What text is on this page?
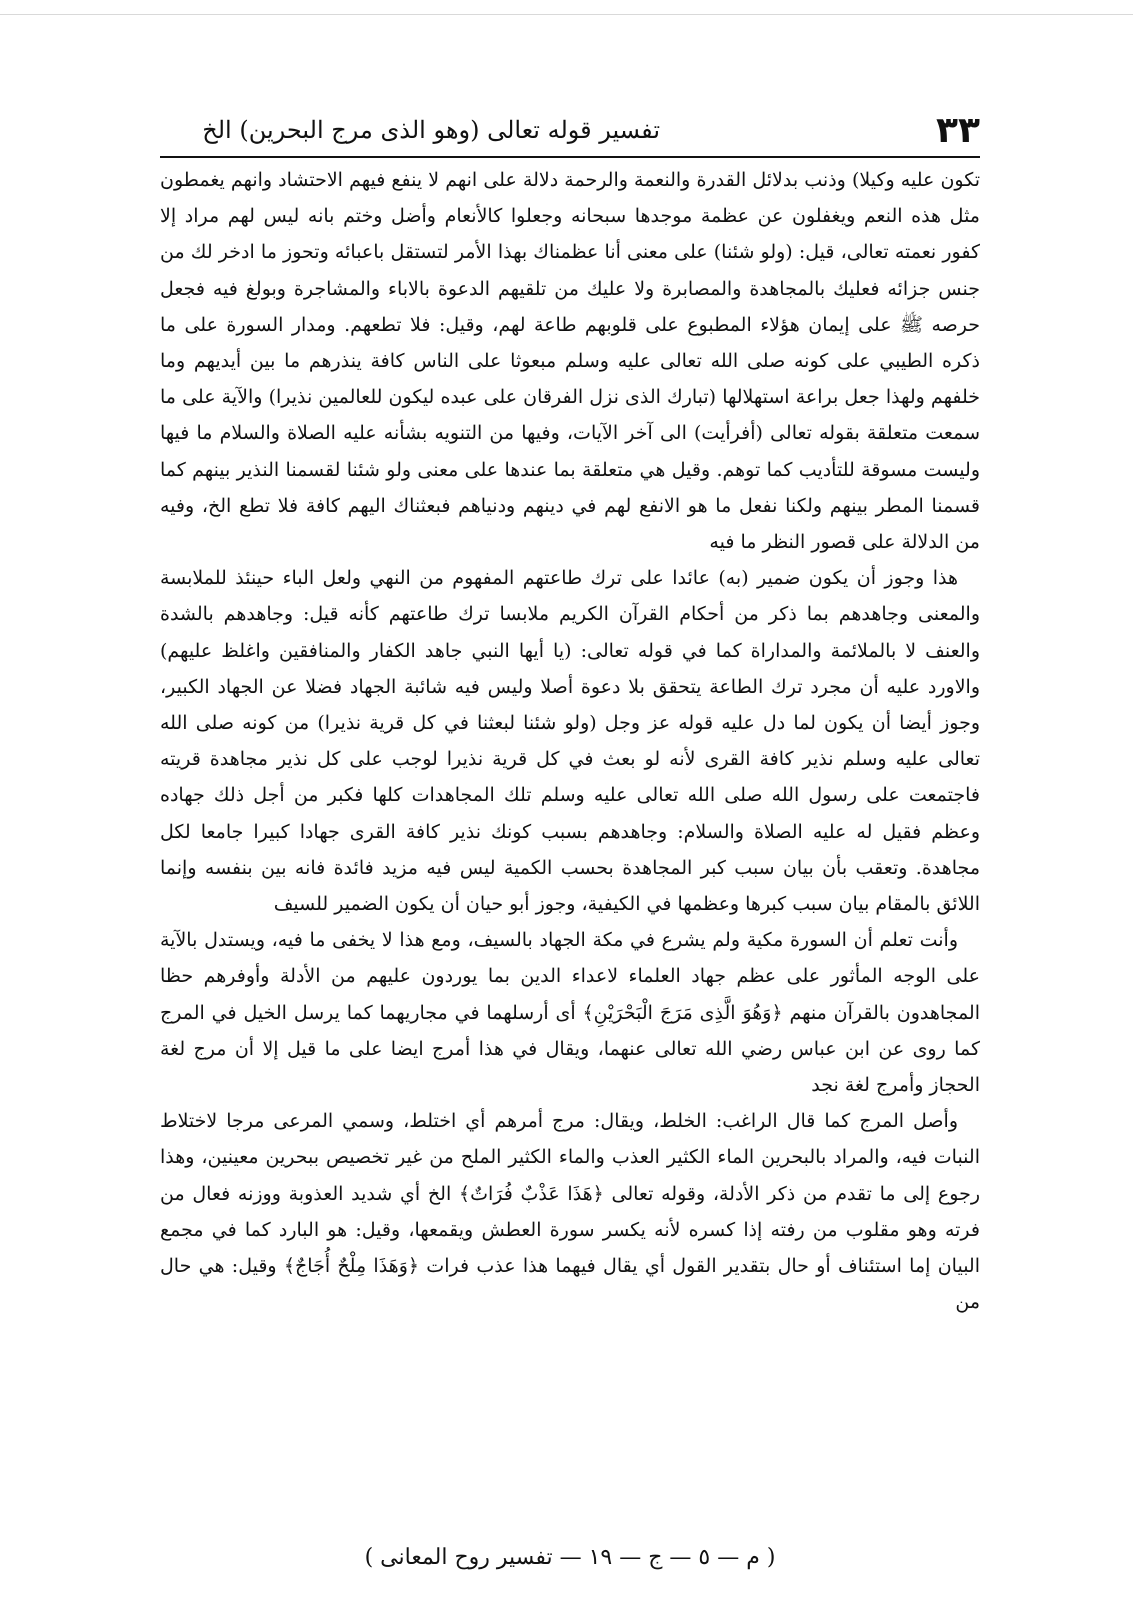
٣٣
تفسير قوله تعالى (وهو الذى مرج البحرين) الخ

تكون عليه وكيلا) وذنب بدلائل القدرة والنعمة والرحمة دلالة على انهم لا ينفع فيهم الاحتشاد وانهم يغمطون مثل هذه النعم ويغفلون عن عظمة موجدها سبحانه وجعلوا كالأنعام وأضل وختم بانه ليس لهم مراد إلا كفور نعمته تعالى، قيل: (ولو شئنا) على معنى أنا عظمناك بهذا الأمر لتستقل باعبائه وتحوز ما ادخر لك من جنس جزائه فعليك بالمجاهدة والمصابرة ولا عليك من تلقيهم الدعوة بالاباء والمشاجرة وبولغ فيه فجعل حرصه ﷺ على إيمان هؤلاء المطبوع على قلوبهم طاعة لهم، وقيل: فلا تطعهم. ومدار السورة على ما ذكره الطيبي على كونه صلى الله تعالى عليه وسلم مبعوثا على الناس كافة ينذرهم ما بين أيديهم وما خلفهم ولهذا جعل براعة استهلالها (تبارك الذى نزل الفرقان على عبده ليكون للعالمين نذيرا) والآية على ما سمعت متعلقة بقوله تعالى (أفرأيت) الى آخر الآيات، وفيها من التنويه بشأنه عليه الصلاة والسلام ما فيها وليست مسوقة للتأديب كما توهم. وقيل هي متعلقة بما عندها على معنى ولو شئنا لقسمنا النذير بينهم كما قسمنا المطر بينهم ولكنا نفعل ما هو الانفع لهم في دينهم ودنياهم فبعثناك اليهم كافة فلا تطع الخ، وفيه من الدلالة على قصور النظر ما فيه

هذا وجوز أن يكون ضمير (به) عائدا على ترك طاعتهم المفهوم من النهي ولعل الباء حينئذ للملابسة والمعنى وجاهدهم بما ذكر من أحكام القرآن الكريم ملابسا ترك طاعتهم كأنه قيل: وجاهدهم بالشدة والعنف لا بالملائمة والمداراة كما في قوله تعالى: (يا أيها النبي جاهد الكفار والمنافقين واغلظ عليهم) والاورد عليه أن مجرد ترك الطاعة يتحقق بلا دعوة أصلا وليس فيه شائبة الجهاد فضلا عن الجهاد الكبير، وجوز أيضا أن يكون لما دل عليه قوله عز وجل (ولو شئنا لبعثنا في كل قرية نذيرا) من كونه صلى الله تعالى عليه وسلم نذير كافة القرى لأنه لو بعث في كل قرية نذيرا لوجب على كل نذير مجاهدة قريته فاجتمعت على رسول الله صلى الله تعالى عليه وسلم تلك المجاهدات كلها فكبر من أجل ذلك جهاده وعظم فقيل له عليه الصلاة والسلام: وجاهدهم بسبب كونك نذير كافة القرى جهادا كبيرا جامعا لكل مجاهدة. وتعقب بأن بيان سبب كبر المجاهدة بحسب الكمية ليس فيه مزيد فائدة فانه بين بنفسه وإنما اللائق بالمقام بيان سبب كبرها وعظمها في الكيفية، وجوز أبو حيان أن يكون الضمير للسيف

وأنت تعلم أن السورة مكية ولم يشرع في مكة الجهاد بالسيف، ومع هذا لا يخفى ما فيه، ويستدل بالآية على الوجه المأثور على عظم جهاد العلماء لاعداء الدين بما يوردون عليهم من الأدلة وأوفرهم حظا المجاهدون بالقرآن منهم ﴿وَهُوَ الَّذِى مَرَجَ الْبَحْرَيْنِ﴾ أى أرسلهما في مجاريهما كما يرسل الخيل في المرج كما روى عن ابن عباس رضي الله تعالى عنهما، ويقال في هذا أمرج ايضا على ما قيل إلا أن مرج لغة الحجاز وأمرج لغة نجد

وأصل المرج كما قال الراغب: الخلط، ويقال: مرج أمرهم أي اختلط، وسمي المرعى مرجا لاختلاط النبات فيه، والمراد بالبحرين الماء الكثير العذب والماء الكثير الملح من غير تخصيص ببحرين معينين، وهذا رجوع إلى ما تقدم من ذكر الأدلة، وقوله تعالى ﴿هَذَا عَذْبٌ فُرَاتٌ﴾ الخ أي شديد العذوبة ووزنه فعال من فرته وهو مقلوب من رفته إذا كسره لأنه يكسر سورة العطش ويقمعها، وقيل: هو البارد كما في مجمع البيان إما استئناف أو حال بتقدير القول أي يقال فيهما هذا عذب فرات ﴿وَهَذَا مِلْحٌ أُجَاجٌ﴾ وقيل: هي حال من

( م — ٥ — ج — ١٩ — تفسير روح المعانى )
